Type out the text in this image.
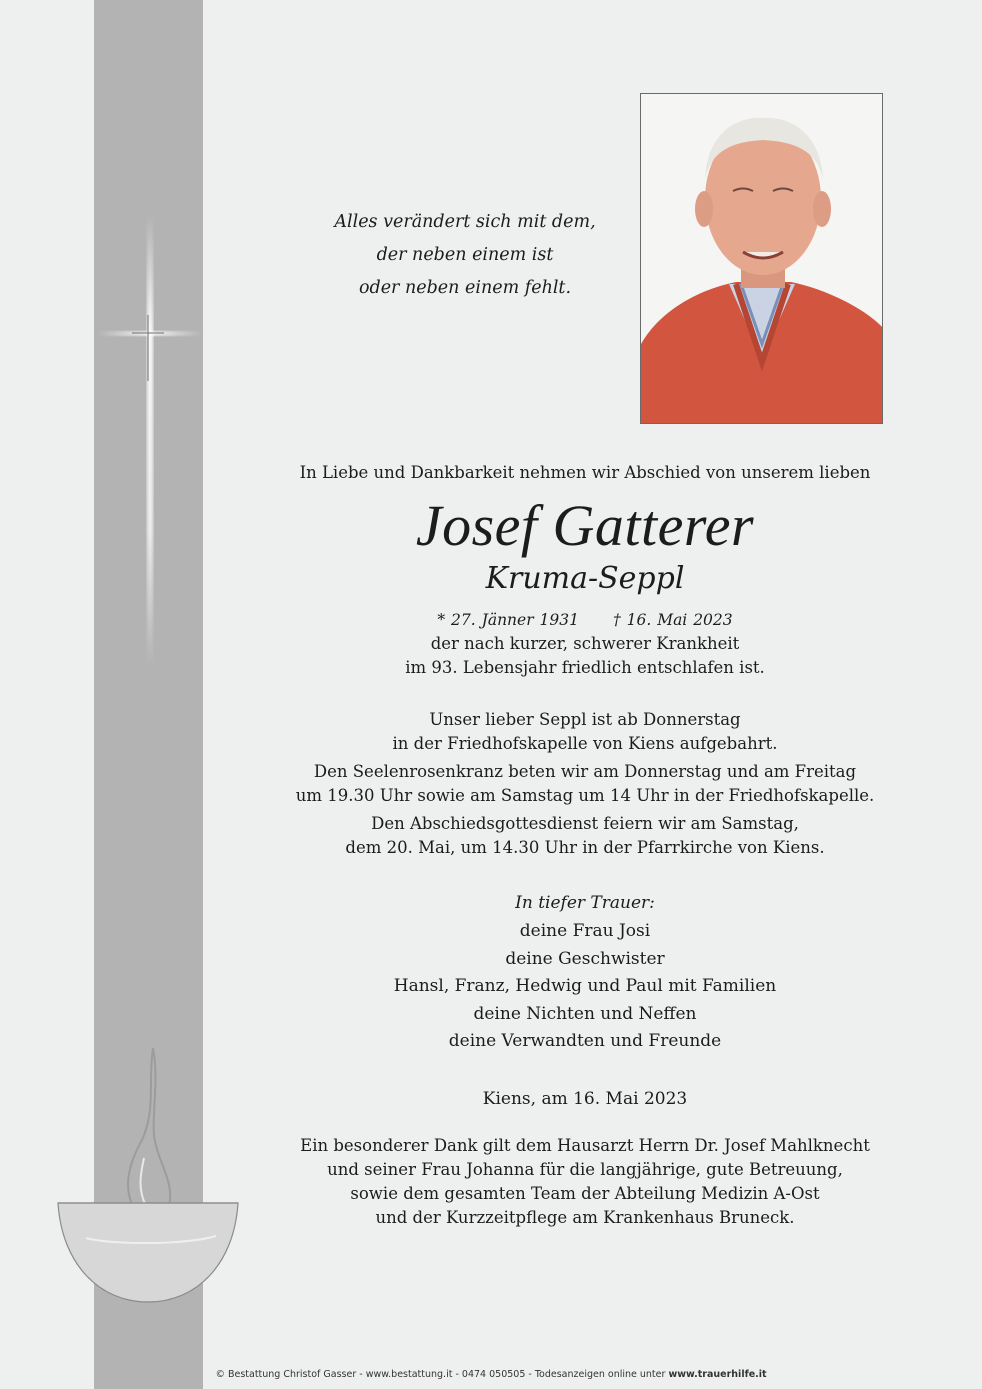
Alles verändert sich mit dem,
der neben einem ist
oder neben einem fehlt.

In Liebe und Dankbarkeit nehmen wir Abschied von unserem lieben

Josef Gatterer
Kruma-Seppl
* 27. Jänner 1931 † 16. Mai 2023

der nach kurzer, schwerer Krankheit

im 93. Lebensjahr friedlich entschlafen ist.

Unser lieber Seppl ist ab Donnerstag

in der Friedhofskapelle von Kiens aufgebahrt.

Den Seelenrosenkranz beten wir am Donnerstag und am Freitag

um 19.30 Uhr sowie am Samstag um 14 Uhr in der Friedhofskapelle.

Den Abschiedsgottesdienst feiern wir am Samstag,

dem 20. Mai, um 14.30 Uhr in der Pfarrkirche von Kiens.

In tiefer Trauer:
deine Frau Josi
deine Geschwister
Hansl, Franz, Hedwig und Paul mit Familien
deine Nichten und Neffen
deine Verwandten und Freunde
Kiens, am 16. Mai 2023
Ein besonderer Dank gilt dem Hausarzt Herrn Dr. Josef Mahlknecht
und seiner Frau Johanna für die langjährige, gute Betreuung,
sowie dem gesamten Team der Abteilung Medizin A-Ost
und der Kurzzeitpflege am Krankenhaus Bruneck.
© Bestattung Christof Gasser - www.bestattung.it - 0474 050505 - Todesanzeigen online unter www.trauerhilfe.it
